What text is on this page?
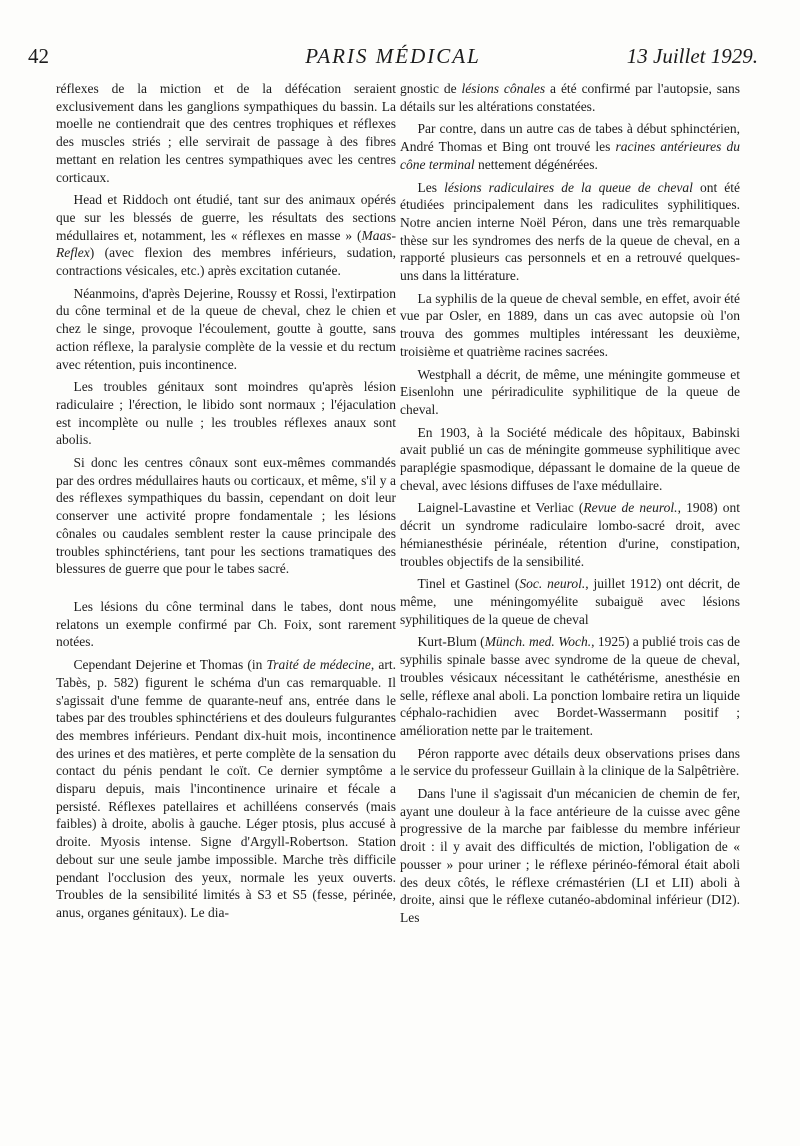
42	PARIS MÉDICAL	13 Juillet 1929.

réflexes de la miction et de la défécation seraient exclusivement dans les ganglions sympathiques du bassin. La moelle ne contiendrait que des centres trophiques et réflexes des muscles striés ; elle servirait de passage à des fibres mettant en relation les centres sympathiques avec les centres corticaux.

Head et Riddoch ont étudié, tant sur des animaux opérés que sur les blessés de guerre, les résultats des sections médullaires et, notamment, les « réflexes en masse » (Maas-Reflex) (avec flexion des membres inférieurs, sudation, contractions vésicales, etc.) après excitation cutanée.

Néanmoins, d'après Dejerine, Roussy et Rossi, l'extirpation du cône terminal et de la queue de cheval, chez le chien et chez le singe, provoque l'écoulement, goutte à goutte, sans action réflexe, la paralysie complète de la vessie et du rectum avec rétention, puis incontinence.

Les troubles génitaux sont moindres qu'après lésion radiculaire ; l'érection, le libido sont normaux ; l'éjaculation est incomplète ou nulle ; les troubles réflexes anaux sont abolis.

Si donc les centres cônaux sont eux-mêmes commandés par des ordres médullaires hauts ou corticaux, et même, s'il y a des réflexes sympathiques du bassin, cependant on doit leur conserver une activité propre fondamentale ; les lésions cônales ou caudales semblent rester la cause principale des troubles sphinctériens, tant pour les sections tramatiques des blessures de guerre que pour le tabes sacré.

Les lésions du cône terminal dans le tabes, dont nous relatons un exemple confirmé par Ch. Foix, sont rarement notées.

Cependant Dejerine et Thomas (in Traité de médecine, art. Tabès, p. 582) figurent le schéma d'un cas remarquable. Il s'agissait d'une femme de quarante-neuf ans, entrée dans le tabes par des troubles sphinctériens et des douleurs fulgurantes des membres inférieurs. Pendant dix-huit mois, incontinence des urines et des matières, et perte complète de la sensation du contact du pénis pendant le coït. Ce dernier symptôme a disparu depuis, mais l'incontinence urinaire et fécale a persisté. Réflexes patellaires et achilléens conservés (mais faibles) à droite, abolis à gauche. Léger ptosis, plus accusé à droite. Myosis intense. Signe d'Argyll-Robertson. Station debout sur une seule jambe impossible. Marche très difficile pendant l'occlusion des yeux, normale les yeux ouverts. Troubles de la sensibilité limités à S3 et S5 (fesse, périnée, anus, organes génitaux). Le dia-

gnostic de lésions cônales a été confirmé par l'autopsie, sans détails sur les altérations constatées.

Par contre, dans un autre cas de tabes à début sphinctérien, André Thomas et Bing ont trouvé les racines antérieures du cône terminal nettement dégénérées.

Les lésions radiculaires de la queue de cheval ont été étudiées principalement dans les radiculites syphilitiques. Notre ancien interne Noël Péron, dans une très remarquable thèse sur les syndromes des nerfs de la queue de cheval, en a rapporté plusieurs cas personnels et en a retrouvé quelques-uns dans la littérature.

La syphilis de la queue de cheval semble, en effet, avoir été vue par Osler, en 1889, dans un cas avec autopsie où l'on trouva des gommes multiples intéressant les deuxième, troisième et quatrième racines sacrées.

Westphall a décrit, de même, une méningite gommeuse et Eisenlohn une périradiculite syphilitique de la queue de cheval.

En 1903, à la Société médicale des hôpitaux, Babinski avait publié un cas de méningite gommeuse syphilitique avec paraplégie spasmodique, dépassant le domaine de la queue de cheval, avec lésions diffuses de l'axe médullaire.

Laignel-Lavastine et Verliac (Revue de neurol., 1908) ont décrit un syndrome radiculaire lombo-sacré droit, avec hémianesthésie périnéale, rétention d'urine, constipation, troubles objectifs de la sensibilité.

Tinel et Gastinel (Soc. neurol., juillet 1912) ont décrit, de même, une méningomyélite subaiguë avec lésions syphilitiques de la queue de cheval

Kurt-Blum (Münch. med. Woch., 1925) a publié trois cas de syphilis spinale basse avec syndrome de la queue de cheval, troubles vésicaux nécessitant le cathétérisme, anesthésie en selle, réflexe anal aboli. La ponction lombaire retira un liquide céphalo-rachidien avec Bordet-Wassermann positif ; amélioration nette par le traitement.

Péron rapporte avec détails deux observations prises dans le service du professeur Guillain à la clinique de la Salpêtrière.

Dans l'une il s'agissait d'un mécanicien de chemin de fer, ayant une douleur à la face antérieure de la cuisse avec gêne progressive de la marche par faiblesse du membre inférieur droit : il y avait des difficultés de miction, l'obligation de « pousser » pour uriner ; le réflexe périnéo-fémoral était aboli des deux côtés, le réflexe crémastérien (LI et LII) aboli à droite, ainsi que le réflexe cutanéo-abdominal inférieur (DI2). Les
